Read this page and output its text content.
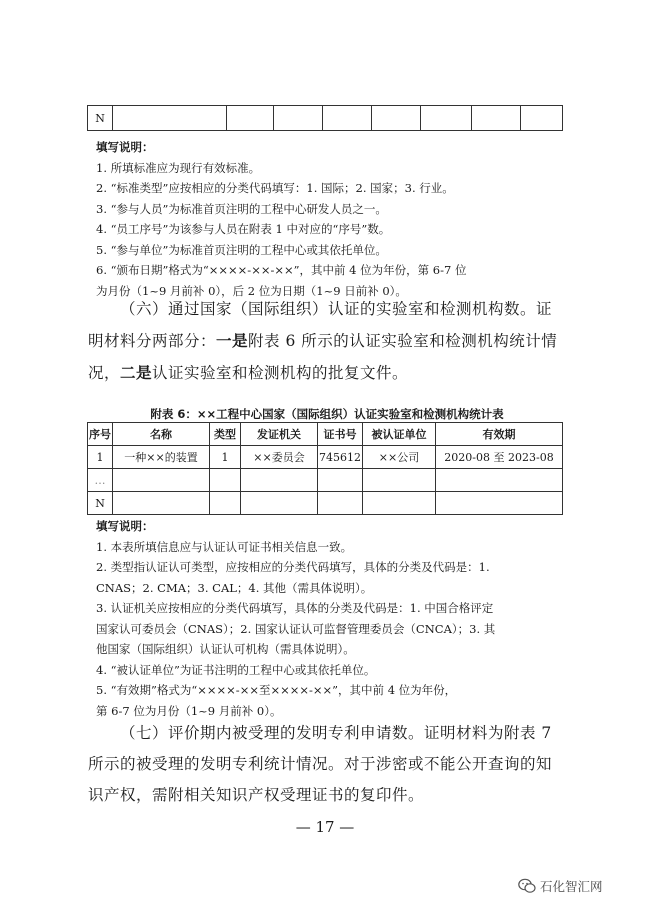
N								
填写说明：
1. 所填标准应为现行有效标准。
2. “标准类型”应按相应的分类代码填写：1. 国际；2. 国家；3. 行业。
3. “参与人员”为标准首页注明的工程中心研发人员之一。
4. “员工序号”为该参与人员在附表 1 中对应的“序号”数。
5. “参与单位”为标准首页注明的工程中心或其依托单位。
6. “颁布日期”格式为“××××-××-××”，其中前 4 位为年份，第 6-7 位
为月份（1~9 月前补 0），后 2 位为日期（1~9 日前补 0）。
（六）通过国家（国际组织）认证的实验室和检测机构数。证
明材料分两部分：一是附表 6 所示的认证实验室和检测机构统计情
况，二是认证实验室和检测机构的批复文件。
附表 6：××工程中心国家（国际组织）认证实验室和检测机构统计表
序号	名称	类型	发证机关	证书号	被认证单位	有效期
1	一种××的装置	1	××委员会	745612	××公司	2020-08 至 2023-08
…						
N						
填写说明：
1. 本表所填信息应与认证认可证书相关信息一致。
2. 类型指认证认可类型，应按相应的分类代码填写，具体的分类及代码是：1.
CNAS；2. CMA；3. CAL；4. 其他（需具体说明）。
3. 认证机关应按相应的分类代码填写，具体的分类及代码是：1. 中国合格评定
国家认可委员会（CNAS）；2. 国家认证认可监督管理委员会（CNCA）；3. 其
他国家（国际组织）认证认可机构（需具体说明）。
4. “被认证单位”为证书注明的工程中心或其依托单位。
5. “有效期”格式为“××××-××至××××-××”，其中前 4 位为年份，
第 6-7 位为月份（1~9 月前补 0）。
（七）评价期内被受理的发明专利申请数。证明材料为附表 7
所示的被受理的发明专利统计情况。对于涉密或不能公开查询的知
识产权，需附相关知识产权受理证书的复印件。
— 17 —
石化智汇网
